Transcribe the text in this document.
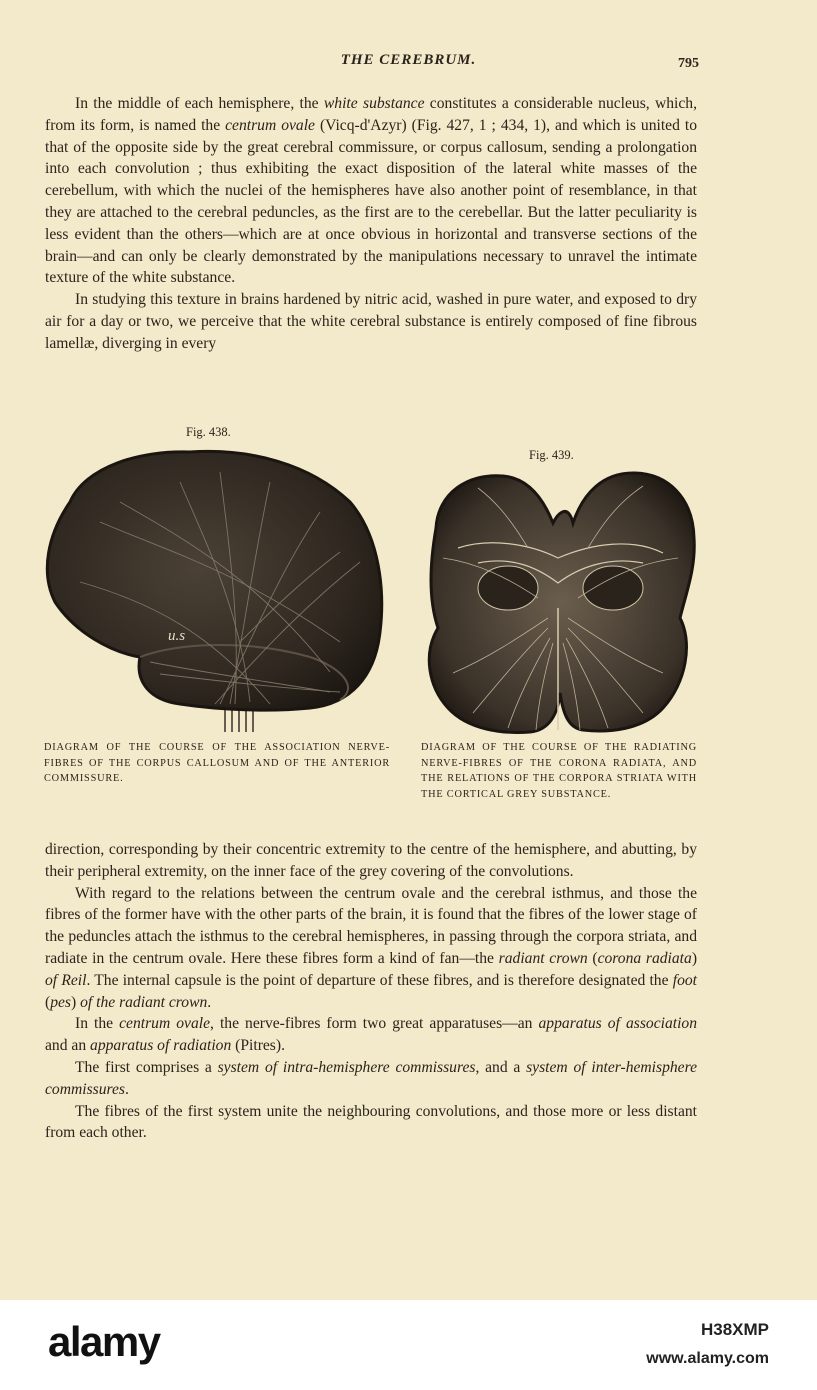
THE CEREBRUM.	795

In the middle of each hemisphere, the white substance constitutes a considerable nucleus, which, from its form, is named the centrum ovale (Vicq-d'Azyr) (Fig. 427, 1 ; 434, 1), and which is united to that of the opposite side by the great cerebral commissure, or corpus callosum, sending a prolongation into each convolution ; thus exhibiting the exact disposition of the lateral white masses of the cerebellum, with which the nuclei of the hemispheres have also another point of resemblance, in that they are attached to the cerebral peduncles, as the first are to the cerebellar. But the latter peculiarity is less evident than the others—which are at once obvious in horizontal and transverse sections of the brain—and can only be clearly demonstrated by the manipulations necessary to unravel the intimate texture of the white substance.

In studying this texture in brains hardened by nitric acid, washed in pure water, and exposed to dry air for a day or two, we perceive that the white cerebral substance is entirely composed of fine fibrous lamellæ, diverging in every

Fig. 438.
Fig. 439.
u.s
DIAGRAM OF THE COURSE OF THE ASSOCIATION NERVE-FIBRES OF THE CORPUS CALLOSUM AND OF THE ANTERIOR COMMISSURE.
DIAGRAM OF THE COURSE OF THE RADIATING NERVE-FIBRES OF THE CORONA RADIATA, AND THE RELATIONS OF THE CORPORA STRIATA WITH THE CORTICAL GREY SUBSTANCE.

direction, corresponding by their concentric extremity to the centre of the hemisphere, and abutting, by their peripheral extremity, on the inner face of the grey covering of the convolutions.

With regard to the relations between the centrum ovale and the cerebral isthmus, and those the fibres of the former have with the other parts of the brain, it is found that the fibres of the lower stage of the peduncles attach the isthmus to the cerebral hemispheres, in passing through the corpora striata, and radiate in the centrum ovale. Here these fibres form a kind of fan—the radiant crown (corona radiata) of Reil. The internal capsule is the point of departure of these fibres, and is therefore designated the foot (pes) of the radiant crown.

In the centrum ovale, the nerve-fibres form two great apparatuses—an apparatus of association and an apparatus of radiation (Pitres).

The first comprises a system of intra-hemisphere commissures, and a system of inter-hemisphere commissures.

The fibres of the first system unite the neighbouring convolutions, and those more or less distant from each other.

alamy	H38XMP
www.alamy.com
